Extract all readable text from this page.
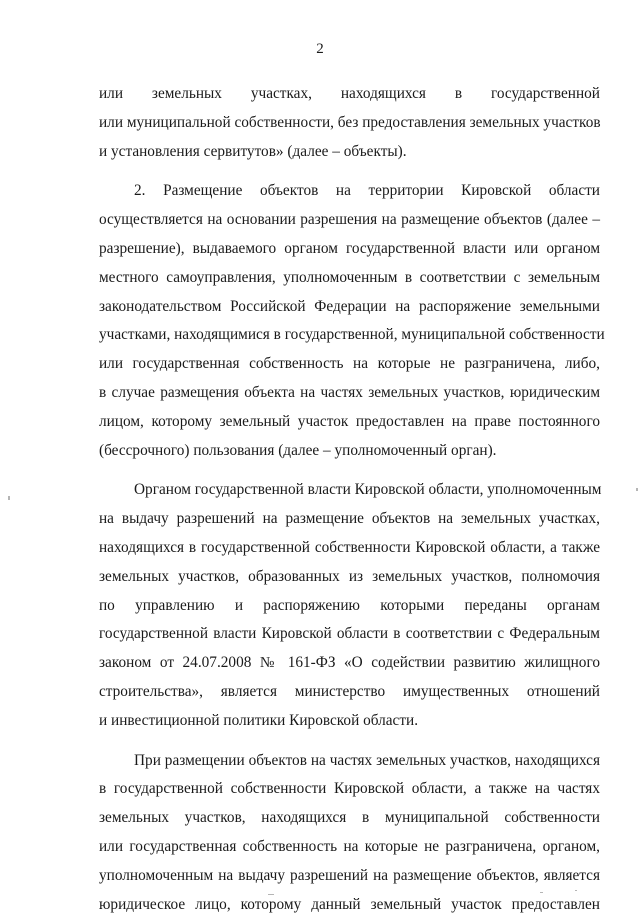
2
или земельных участках, находящихся в государственной
или муниципальной собственности, без предоставления земельных участков
и установления сервитутов» (далее – объекты).
2. Размещение объектов на территории Кировской области
осуществляется на основании разрешения на размещение объектов (далее –
разрешение), выдаваемого органом государственной власти или органом
местного самоуправления, уполномоченным в соответствии с земельным
законодательством Российской Федерации на распоряжение земельными
участками, находящимися в государственной, муниципальной собственности
или государственная собственность на которые не разграничена, либо,
в случае размещения объекта на частях земельных участков, юридическим
лицом, которому земельный участок предоставлен на праве постоянного
(бессрочного) пользования (далее – уполномоченный орган).
Органом государственной власти Кировской области, уполномоченным
на выдачу разрешений на размещение объектов на земельных участках,
находящихся в государственной собственности Кировской области, а также
земельных участков, образованных из земельных участков, полномочия
по управлению и распоряжению которыми переданы органам
государственной власти Кировской области в соответствии с Федеральным
законом от 24.07.2008 № 161-ФЗ «О содействии развитию жилищного
строительства», является министерство имущественных отношений
и инвестиционной политики Кировской области.
При размещении объектов на частях земельных участков, находящихся
в государственной собственности Кировской области, а также на частях
земельных участков, находящихся в муниципальной собственности
или государственная собственность на которые не разграничена, органом,
уполномоченным на выдачу разрешений на размещение объектов, является
юридическое лицо, которому данный земельный участок предоставлен
